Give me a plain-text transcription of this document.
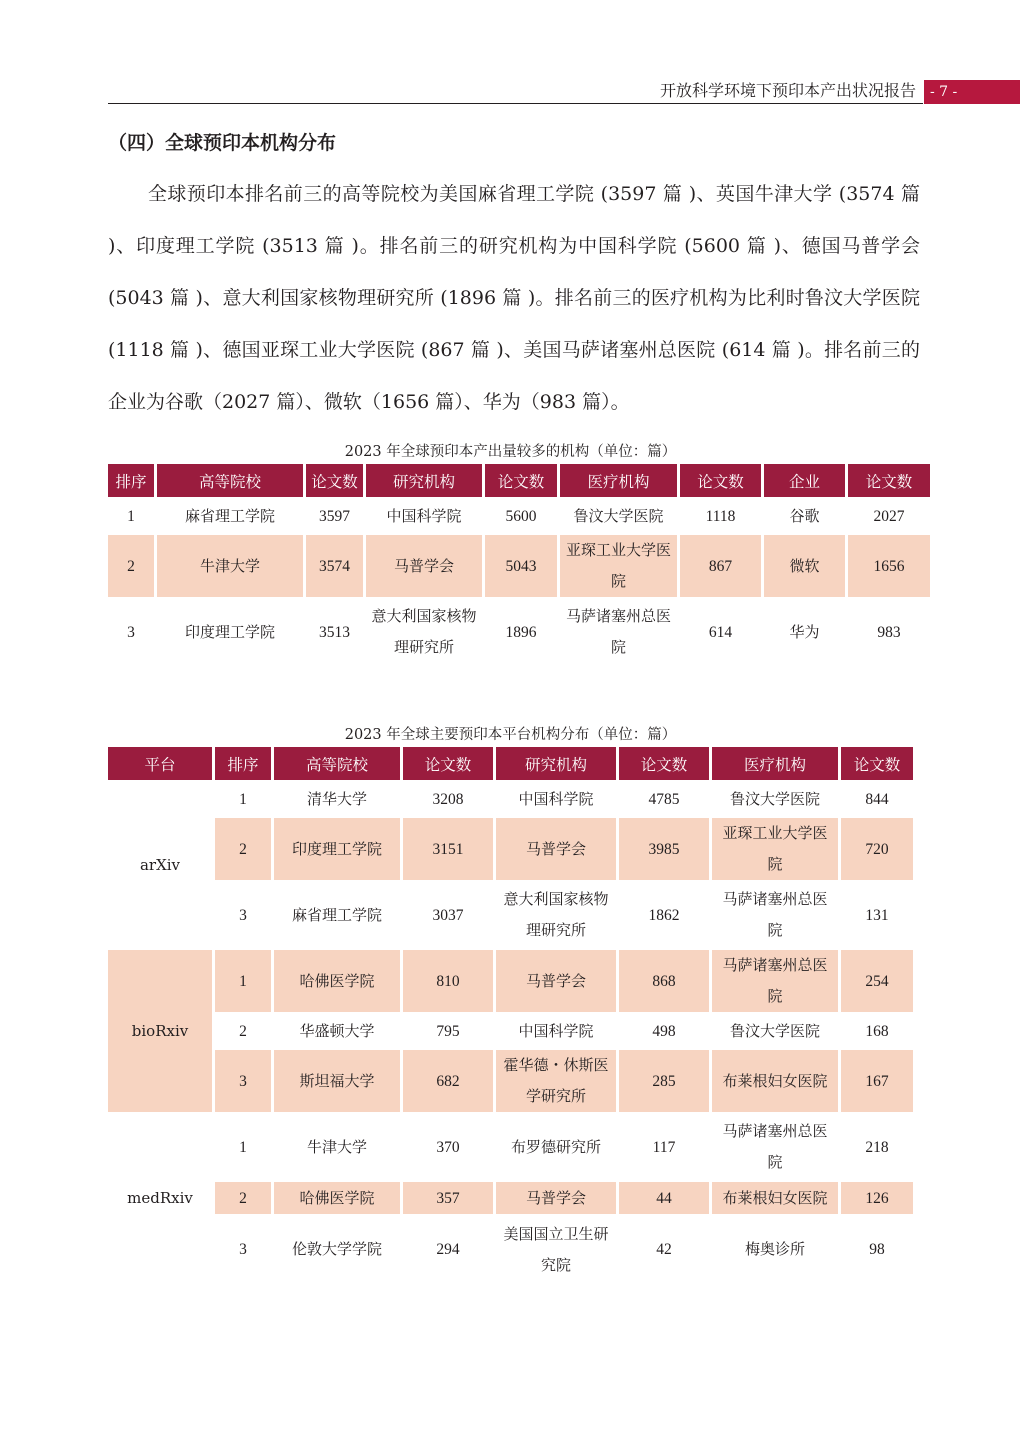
开放科学环境下预印本产出状况报告	- 7 -
（四）全球预印本机构分布

全球预印本排名前三的高等院校为美国麻省理工学院 (3597 篇 )、英国牛津大学 (3574 篇 )、印度理工学院 (3513 篇 )。排名前三的研究机构为中国科学院 (5600 篇 )、德国马普学会 (5043 篇 )、意大利国家核物理研究所 (1896 篇 )。排名前三的医疗机构为比利时鲁汶大学医院 (1118 篇 )、德国亚琛工业大学医院 (867 篇 )、美国马萨诸塞州总医院 (614 篇 )。排名前三的企业为谷歌（2027 篇）、微软（1656 篇）、华为（983 篇）。

2023 年全球预印本产出量较多的机构（单位：篇）
排序	高等院校	论文数	研究机构	论文数	医疗机构	论文数	企业	论文数
1	麻省理工学院	3597	中国科学院	5600	鲁汶大学医院	1118	谷歌	2027
2	牛津大学	3574	马普学会	5043	亚琛工业大学医院	867	微软	1656
3	印度理工学院	3513	意大利国家核物理研究所	1896	马萨诸塞州总医院	614	华为	983
2023 年全球主要预印本平台机构分布（单位：篇）
平台	排序	高等院校	论文数	研究机构	论文数	医疗机构	论文数
arXiv	1	清华大学	3208	中国科学院	4785	鲁汶大学医院	844
	2	印度理工学院	3151	马普学会	3985	亚琛工业大学医院	720
	3	麻省理工学院	3037	意大利国家核物理研究所	1862	马萨诸塞州总医院	131
bioRxiv	1	哈佛医学院	810	马普学会	868	马萨诸塞州总医院	254
	2	华盛顿大学	795	中国科学院	498	鲁汶大学医院	168
	3	斯坦福大学	682	霍华德・休斯医学研究所	285	布莱根妇女医院	167
medRxiv	1	牛津大学	370	布罗德研究所	117	马萨诸塞州总医院	218
	2	哈佛医学院	357	马普学会	44	布莱根妇女医院	126
	3	伦敦大学学院	294	美国国立卫生研究院	42	梅奥诊所	98
